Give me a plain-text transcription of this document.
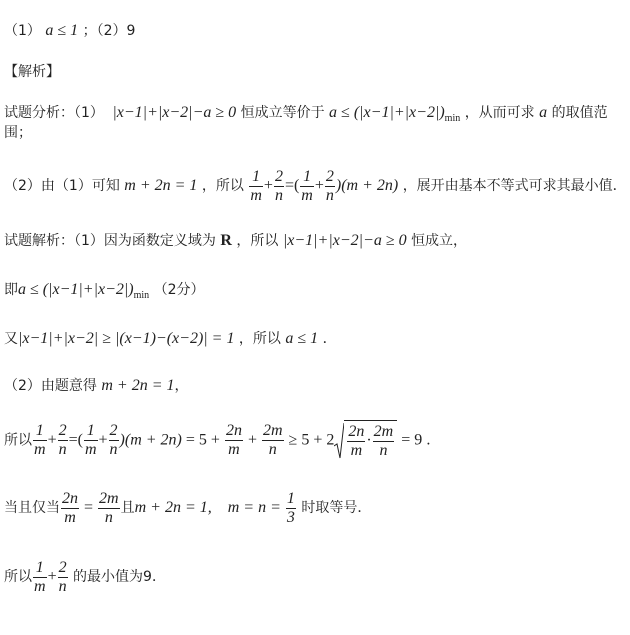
（1） a ≤ 1 ；（2）9
【解析】
试题分析：（1）  |x−1|+|x−2|−a ≥ 0 恒成立等价于 $a \le (|x-1|+|x-2|)_{min}$ ，从而可求 a 的取值范
围；
（2）由（1）可知 m + 2n = 1 ，所以 $\frac{1}{m} + \frac{2}{n}$ =( $\frac{1}{m} + \frac{2}{n} )(m + 2n)$ ，展开由基本不等式可求其最小值．
试题解析：（1）因为函数定义域为 R ，所以 |x−1|+|x−2|−a ≥ 0 恒成立，
即$a \le (|x-1|+|x-2|)_{min}$ （2分）
又|x−1|+|x−2| ≥ |(x−1)−(x−2)| = 1 ，所以 a ≤ 1 ．
（2）由题意得 m + 2n = 1，
所以 $\frac{1}{m} + \frac{2}{n}$ =( $\frac{1}{m} + \frac{2}{n} )(m + 2n) = 5 + \frac{2n}{m} + \frac{2m}{n} \ge 5 + 2 \frac{2n}{m} \cdot \frac{2m}{n} = 9$ ．
当且仅当 $\frac{2n}{m} = \frac{2m}{n}$ 且m + 2n = 1,    $m = n = \frac{1}{3}$ 时取等号．
所以 $\frac{1}{m} + \frac{2}{n}$ 的最小值为9．
